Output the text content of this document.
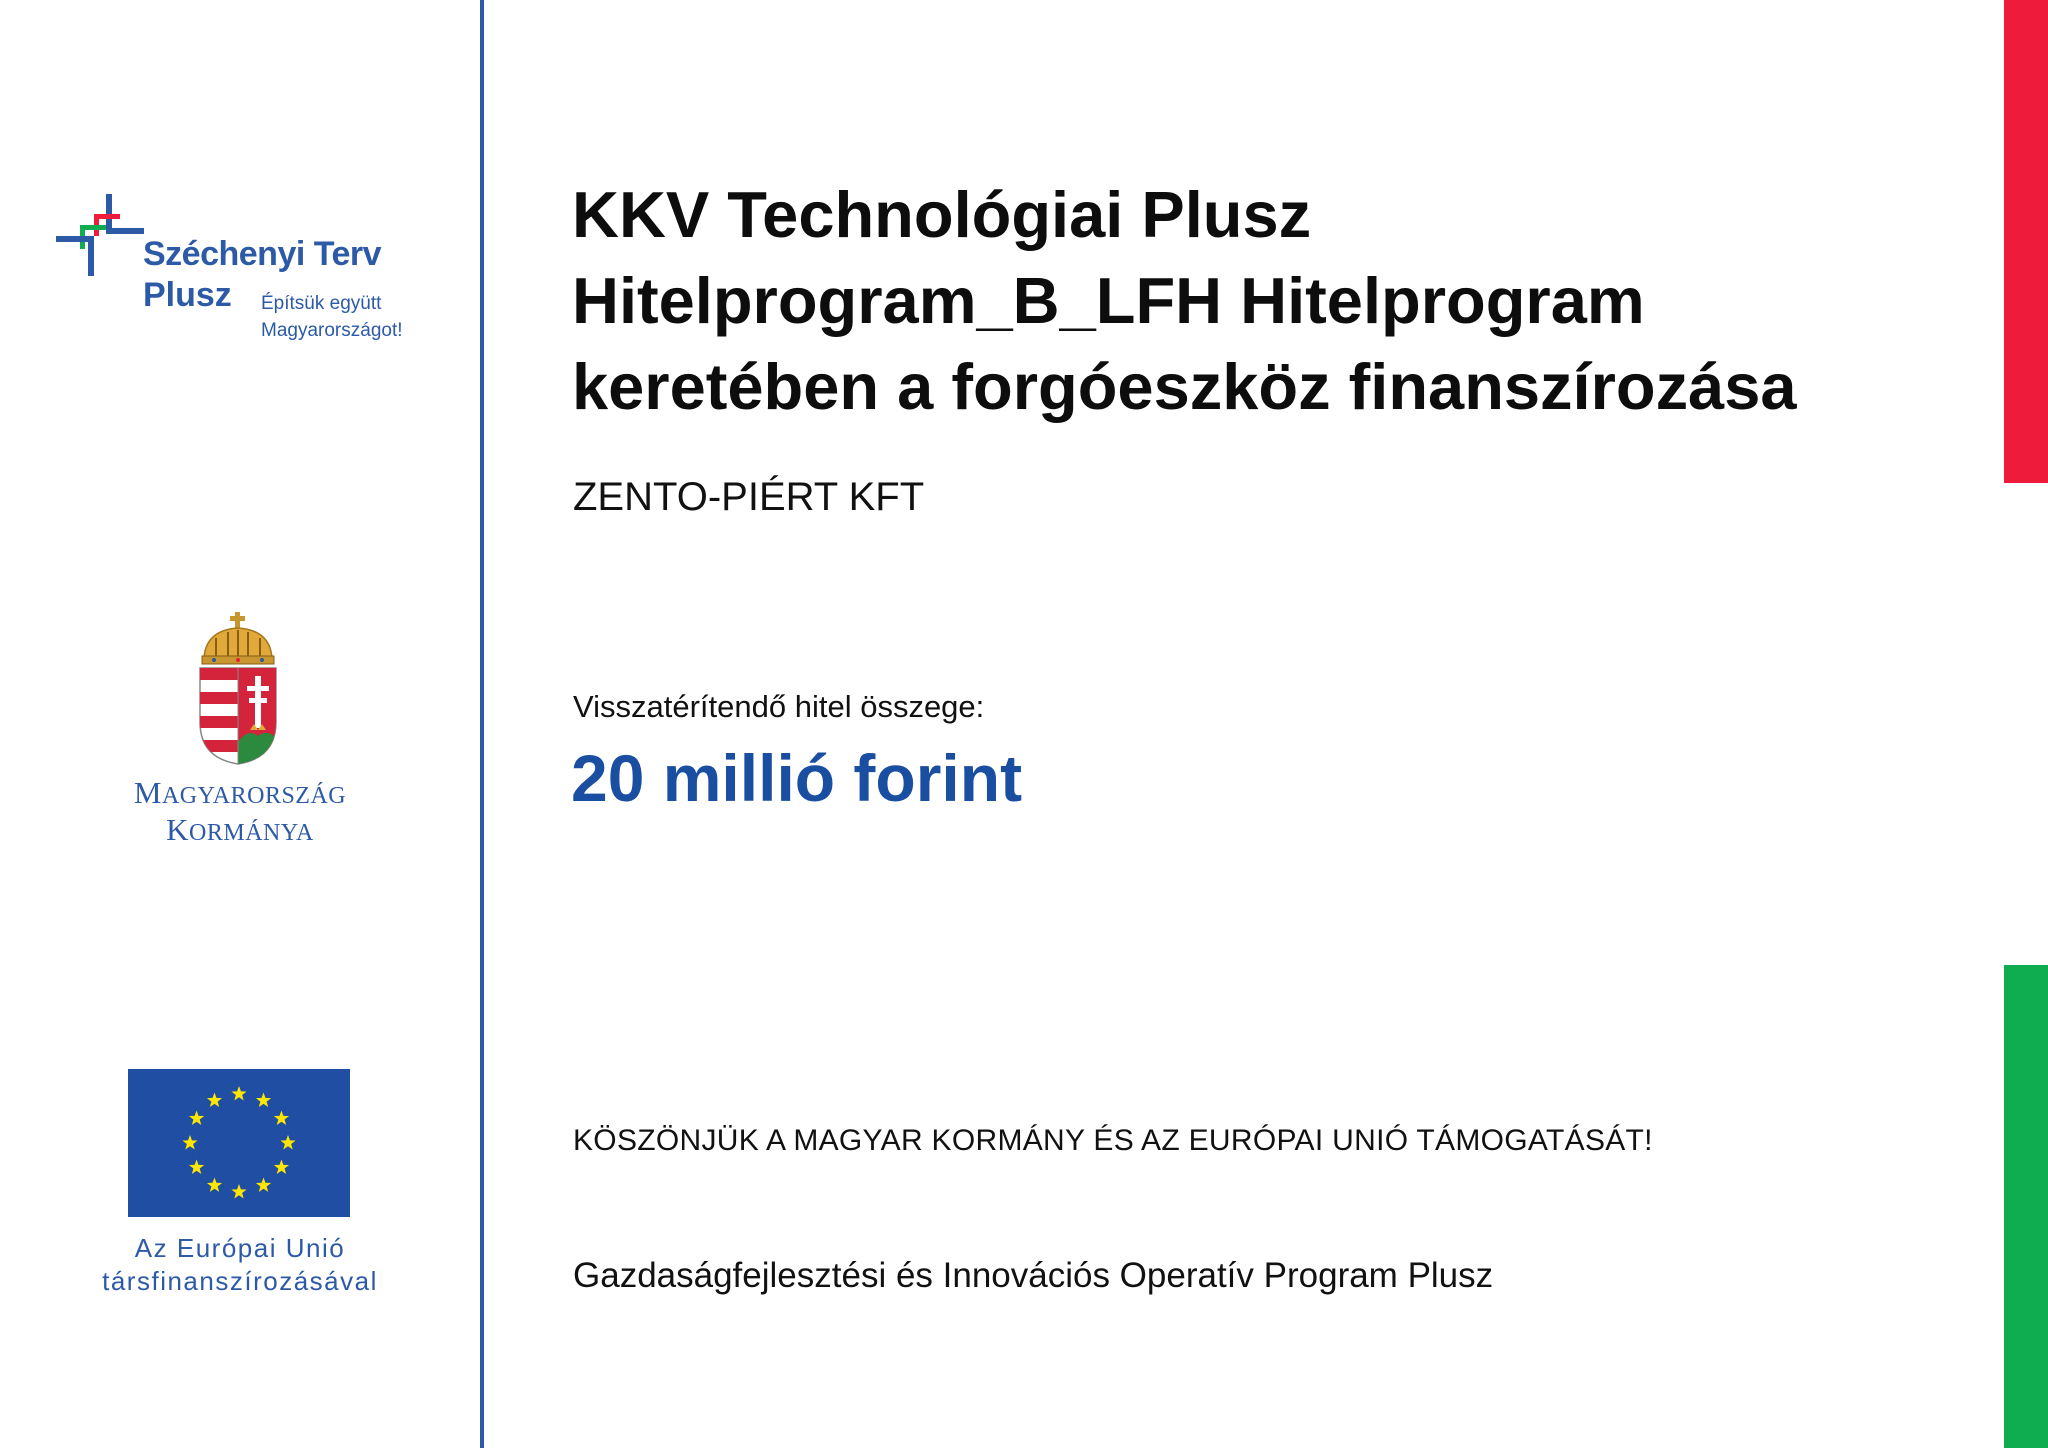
Széchenyi Terv
Plusz Építsük együtt
Magyarországot!
MAGYARORSZÁG
KORMÁNYA
Az Európai Unió
társfinanszírozásával
KKV Technológiai Plusz
Hitelprogram_B_LFH Hitelprogram
keretében a forgóeszköz finanszírozása
ZENTO-PIÉRT KFT
Visszatérítendő hitel összege:
20 millió forint
KÖSZÖNJÜK A MAGYAR KORMÁNY ÉS AZ EURÓPAI UNIÓ TÁMOGATÁSÁT!
Gazdaságfejlesztési és Innovációs Operatív Program Plusz
